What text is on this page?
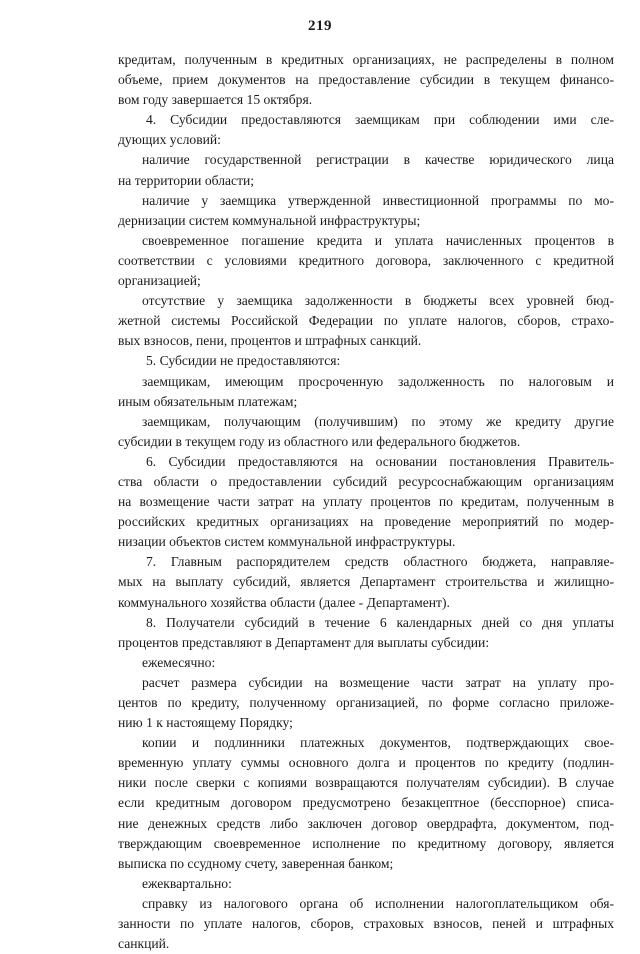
219
кредитам, полученным в кредитных организациях, не распределены в полном
объеме, прием документов на предоставление субсидии в текущем финансо-
вом году завершается 15 октября.
4. Субсидии предоставляются заемщикам при соблюдении ими сле-
дующих условий:
наличие государственной регистрации в качестве юридического лица
на территории области;
наличие у заемщика утвержденной инвестиционной программы по мо-
дернизации систем коммунальной инфраструктуры;
своевременное погашение кредита и уплата начисленных процентов в
соответствии с условиями кредитного договора, заключенного с кредитной
организацией;
отсутствие у заемщика задолженности в бюджеты всех уровней бюд-
жетной системы Российской Федерации по уплате налогов, сборов, страхо-
вых взносов, пени, процентов и штрафных санкций.
5. Субсидии не предоставляются:
заемщикам, имеющим просроченную задолженность по налоговым и
иным обязательным платежам;
заемщикам, получающим (получившим) по этому же кредиту другие
субсидии в текущем году из областного или федерального бюджетов.
6. Субсидии предоставляются на основании постановления Правитель-
ства области о предоставлении субсидий ресурсоснабжающим организациям
на возмещение части затрат на уплату процентов по кредитам, полученным в
российских кредитных организациях на проведение мероприятий по модер-
низации объектов систем коммунальной инфраструктуры.
7. Главным распорядителем средств областного бюджета, направляе-
мых на выплату субсидий, является Департамент строительства и жилищно-
коммунального хозяйства области (далее - Департамент).
8. Получатели субсидий в течение 6 календарных дней со дня уплаты
процентов представляют в Департамент для выплаты субсидии:
ежемесячно:
расчет размера субсидии на возмещение части затрат на уплату про-
центов по кредиту, полученному организацией, по форме согласно приложе-
нию 1 к настоящему Порядку;
копии и подлинники платежных документов, подтверждающих своe-
временную уплату суммы основного долга и процентов по кредиту (подлин-
ники после сверки с копиями возвращаются получателям субсидии). В случае
если кредитным договором предусмотрено безакцептное (бесспорное) списа-
ние денежных средств либо заключен договор овердрафта, документом, под-
тверждающим своевременное исполнение по кредитному договору, является
выписка по ссудному счету, заверенная банком;
ежеквартально:
справку из налогового органа об исполнении налогоплательщиком обя-
занности по уплате налогов, сборов, страховых взносов, пеней и штрафных
санкций.
